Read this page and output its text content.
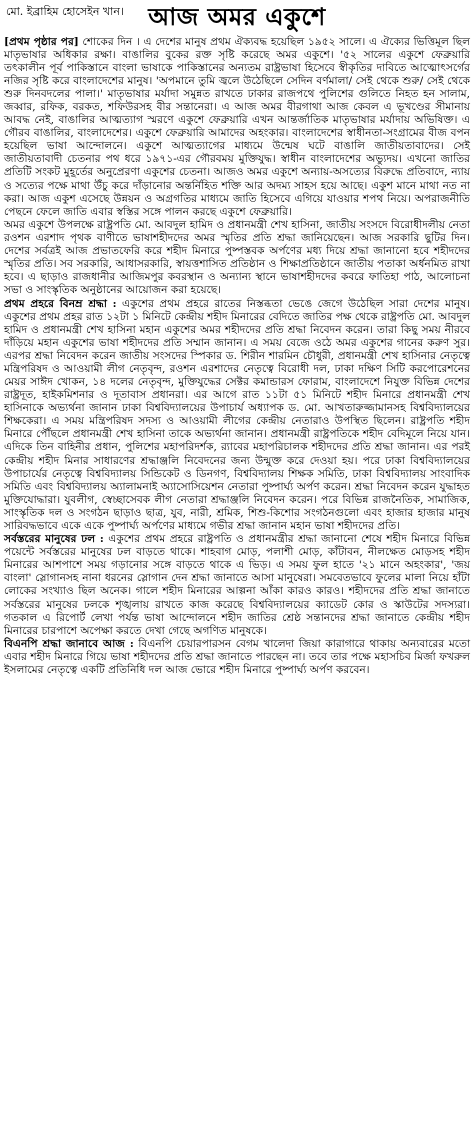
মো. ইব্রাহিম হোসেইন খান।	আজ অমর একুশে

[প্রথম পৃষ্ঠার পর] শোকের দিন । এ দেশের মানুষ প্রথম ঐক্যবদ্ধ হয়েছিল ১৯৫২ সালে। এ ঐক্যের ভিত্তিমূল ছিল মাতৃভাষার অধিকার রক্ষা। বাঙালির বুকের রক্ত সৃষ্টি করেছে অমর একুশে। '৫২ সালের একুশে ফেব্রুয়ারি তৎকালীন পূর্ব পাকিস্তানে বাংলা ভাষাকে পাকিস্তানের অন্যতম রাষ্ট্রভাষা হিসেবে স্বীকৃতির দাবিতে আত্মোৎসর্গের নজির সৃষ্টি করে বাংলাদেশের মানুষ। 'অপমানে তুমি জ্বলে উঠেছিলে সেদিন বর্ণমালা/ সেই থেকে শুরু/ সেই থেকে শুরু দিনবদলের পালা।' মাতৃভাষার মর্যাদা সমুন্নত রাখতে ঢাকার রাজপথে পুলিশের গুলিতে নিহত হন সালাম, জব্বার, রফিক, বরকত, শফিউরসহ বীর সন্তানেরা। এ আজ অমর বীরগাথা আজ কেবল এ ভূখণ্ডের সীমানায় আবদ্ধ নেই, বাঙালির আত্মত্যাগ স্মরণে একুশে ফেব্রুয়ারি এখন আন্তর্জাতিক মাতৃভাষার মর্যাদায় অভিষিক্ত। এ গৌরব বাঙালির, বাংলাদেশের। একুশে ফেব্রুয়ারি আমাদের অহংকার। বাংলাদেশের স্বাধীনতা-সংগ্রামের বীজ বপন হয়েছিল ভাষা আন্দোলনে। একুশে আত্মত্যাগের মাধ্যমে উন্মেষ ঘটে বাঙালি জাতীয়তাবাদের। সেই জাতীয়তাবাদী চেতনার পথ ধরে ১৯৭১-এর গৌরবময় মুক্তিযুদ্ধ। স্বাধীন বাংলাদেশের অভ্যুদয়। এখনো জাতির প্রতিটি সংকট মুহূর্তের অনুপ্রেরণা একুশের চেতনা। আজও অমর একুশে অন্যায়-অসত্যের বিরুদ্ধে প্রতিবাদে, ন্যায় ও সত্যের পক্ষে মাথা উঁচু করে দাঁড়ানোর অন্তর্নিহিত শক্তি আর অদম্য সাহস হয়ে আছে। একুশ মানে মাথা নত না করা। আজ একুশ এসেছে উন্নয়ন ও অগ্রগতির মাধ্যমে জাতি হিসেবে এগিয়ে যাওয়ার শপথ নিয়ে। অপরাজনীতি পেছনে ফেলে জাতি এবার স্বস্তির সঙ্গে পালন করছে একুশে ফেব্রুয়ারি।

অমর একুশে উপলক্ষে রাষ্ট্রপতি মো. আবদুল হামিদ ও প্রধানমন্ত্রী শেখ হাসিনা, জাতীয় সংসদে বিরোধীদলীয় নেতা রওশন এরশাদ পৃথক বাণীতে ভাষাশহীদদের অমর স্মৃতির প্রতি শ্রদ্ধা জানিয়েছেন। আজ সরকারি ছুটির দিন। দেশের সর্বত্রই আজ প্রভাতফেরি করে শহীদ মিনারে পুষ্পস্তবক অর্পণের মধ্য দিয়ে শ্রদ্ধা জানানো হবে শহীদদের স্মৃতির প্রতি। সব সরকারি, আধাসরকারি, স্বায়ত্তশাসিত প্রতিষ্ঠান ও শিক্ষাপ্রতিষ্ঠানে জাতীয় পতাকা অর্ধনমিত রাখা হবে। এ ছাড়াও রাজধানীর আজিমপুর কবরস্থান ও অন্যান্য স্থানে ভাষাশহীদদের কবরে ফাতিহা পাঠ, আলোচনা সভা ও সাংস্কৃতিক অনুষ্ঠানের আয়োজন করা হয়েছে।

প্রথম প্রহরে বিনম্র শ্রদ্ধা : একুশের প্রথম প্রহরে রাতের নিস্তব্ধতা ভেঙে জেগে উঠেছিল সারা দেশের মানুষ। একুশের প্রথম প্রহর রাত ১২টা ১ মিনিটে কেন্দ্রীয় শহীদ মিনারের বেদিতে জাতির পক্ষ থেকে রাষ্ট্রপতি মো. আবদুল হামিদ ও প্রধানমন্ত্রী শেখ হাসিনা মহান একুশের অমর শহীদদের প্রতি শ্রদ্ধা নিবেদন করেন। তারা কিছু সময় নীরবে দাঁড়িয়ে মহান একুশের ভাষা শহীদদের প্রতি সম্মান জানান। এ সময় বেজে ওঠে অমর একুশের গানের করুণ সুর। এরপর শ্রদ্ধা নিবেদন করেন জাতীয় সংসদের স্পিকার ড. শিরীন শারমিন চৌধুরী, প্রধানমন্ত্রী শেখ হাসিনার নেতৃত্বে মন্ত্রিপরিষদ ও আওয়ামী লীগ নেতৃবৃন্দ, রওশন এরশাদের নেতৃত্বে বিরোধী দল, ঢাকা দক্ষিণ সিটি করপোরেশনের মেয়র সাঈদ খোকন, ১৪ দলের নেতৃবৃন্দ, মুক্তিযুদ্ধের সেক্টর কমান্ডারস ফোরাম, বাংলাদেশে নিযুক্ত বিভিন্ন দেশের রাষ্ট্রদূত, হাইকমিশনার ও দূতাবাস প্রধানরা। এর আগে রাত ১১টা ৫১ মিনিটে শহীদ মিনারে প্রধানমন্ত্রী শেখ হাসিনাকে অভ্যর্থনা জানান ঢাকা বিশ্ববিদ্যালয়ের উপাচার্য অধ্যাপক ড. মো. আখতারুজ্জামানসহ বিশ্ববিদ্যালয়ের শিক্ষকেরা। এ সময় মন্ত্রিপরিষদ সদস্য ও আওয়ামী লীগের কেন্দ্রীয় নেতারাও উপস্থিত ছিলেন। রাষ্ট্রপতি শহীদ মিনারে পৌঁছলে প্রধানমন্ত্রী শেখ হাসিনা তাকে অভ্যর্থনা জানান। প্রধানমন্ত্রী রাষ্ট্রপতিকে শহীদ বেদিমূলে নিয়ে যান। এদিকে তিন বাহিনীর প্রধান, পুলিশের মহাপরিদর্শক, র‌্যাবের মহাপরিচালক শহীদদের প্রতি শ্রদ্ধা জানান। এর পরই কেন্দ্রীয় শহীদ মিনার সাধারণের শ্রদ্ধাঞ্জলি নিবেদনের জন্য উন্মুক্ত করে দেওয়া হয়। পরে ঢাকা বিশ্ববিদ্যালয়ের উপাচার্যের নেতৃত্বে বিশ্ববিদ্যালয় সিন্ডিকেট ও ডিনগণ, বিশ্ববিদ্যালয় শিক্ষক সমিতি, ঢাকা বিশ্ববিদ্যালয় সাংবাদিক সমিতি এবং বিশ্ববিদ্যালয় অ্যালামনাই অ্যাসোসিয়েশন নেতারা পুষ্পার্ঘ্য অর্পণ করেন। শ্রদ্ধা নিবেদন করেন যুদ্ধাহত মুক্তিযোদ্ধারা। যুবলীগ, স্বেচ্ছাসেবক লীগ নেতারা শ্রদ্ধাঞ্জলি নিবেদন করেন। পরে বিভিন্ন রাজনৈতিক, সামাজিক, সাংস্কৃতিক দল ও সংগঠন ছাড়াও ছাত্র, যুব, নারী, শ্রমিক, শিশু-কিশোর সংগঠনগুলো এবং হাজার হাজার মানুষ সারিবদ্ধভাবে একে একে পুষ্পার্ঘ্য অর্পণের মাধ্যমে গভীর শ্রদ্ধা জানান মহান ভাষা শহীদদের প্রতি।

সর্বস্তরের মানুষের ঢল : একুশের প্রথম প্রহরে রাষ্ট্রপতি ও প্রধানমন্ত্রীর শ্রদ্ধা জানানো শেষে শহীদ মিনারে বিভিন্ন পয়েন্টে সর্বস্তরের মানুষের ঢল বাড়তে থাকে। শাহবাগ মোড়, পলাশী মোড়, কাঁটাবন, নীলক্ষেত মোড়সহ শহীদ মিনারের আশপাশে সময় গড়ানোর সঙ্গে বাড়তে থাকে এ ভিড়। এ সময় ফুল হাতে '২১ মানে অহংকার', 'জয় বাংলা' স্লোগানসহ নানা ধরনের স্লোগান দেন শ্রদ্ধা জানাতে আসা মানুষেরা। সমবেতভাবে ফুলের মালা নিয়ে হাঁটা লোকের সংখ্যাও ছিল অনেক। গালে শহীদ মিনারের আল্পনা আঁকা কারও কারও। শহীদদের প্রতি শ্রদ্ধা জানাতে সর্বস্তরের মানুষের ঢলকে শৃঙ্খলায় রাখতে কাজ করেছে বিশ্ববিদ্যালয়ের ক্যাডেট কোর ও স্কাউটের সদস্যরা। গতকাল এ রিপোর্ট লেখা পর্যন্ত ভাষা আন্দোলনে শহীদ জাতির শ্রেষ্ঠ সন্তানদের শ্রদ্ধা জানাতে কেন্দ্রীয় শহীদ মিনারের চারপাশে অপেক্ষা করতে দেখা গেছে অগণিত মানুষকে।

বিএনপি শ্রদ্ধা জানাবে আজ : বিএনপি চেয়ারপারসন বেগম খালেদা জিয়া কারাগারে থাকায় অন্যবারের মতো এবার শহীদ মিনারে গিয়ে ভাষা শহীদদের প্রতি শ্রদ্ধা জানাতে পারছেন না। তবে তার পক্ষে মহাসচিব মির্জা ফখরুল ইসলামের নেতৃত্বে একটি প্রতিনিধি দল আজ ভোরে শহীদ মিনারে পুষ্পার্ঘ্য অর্পণ করবেন।
